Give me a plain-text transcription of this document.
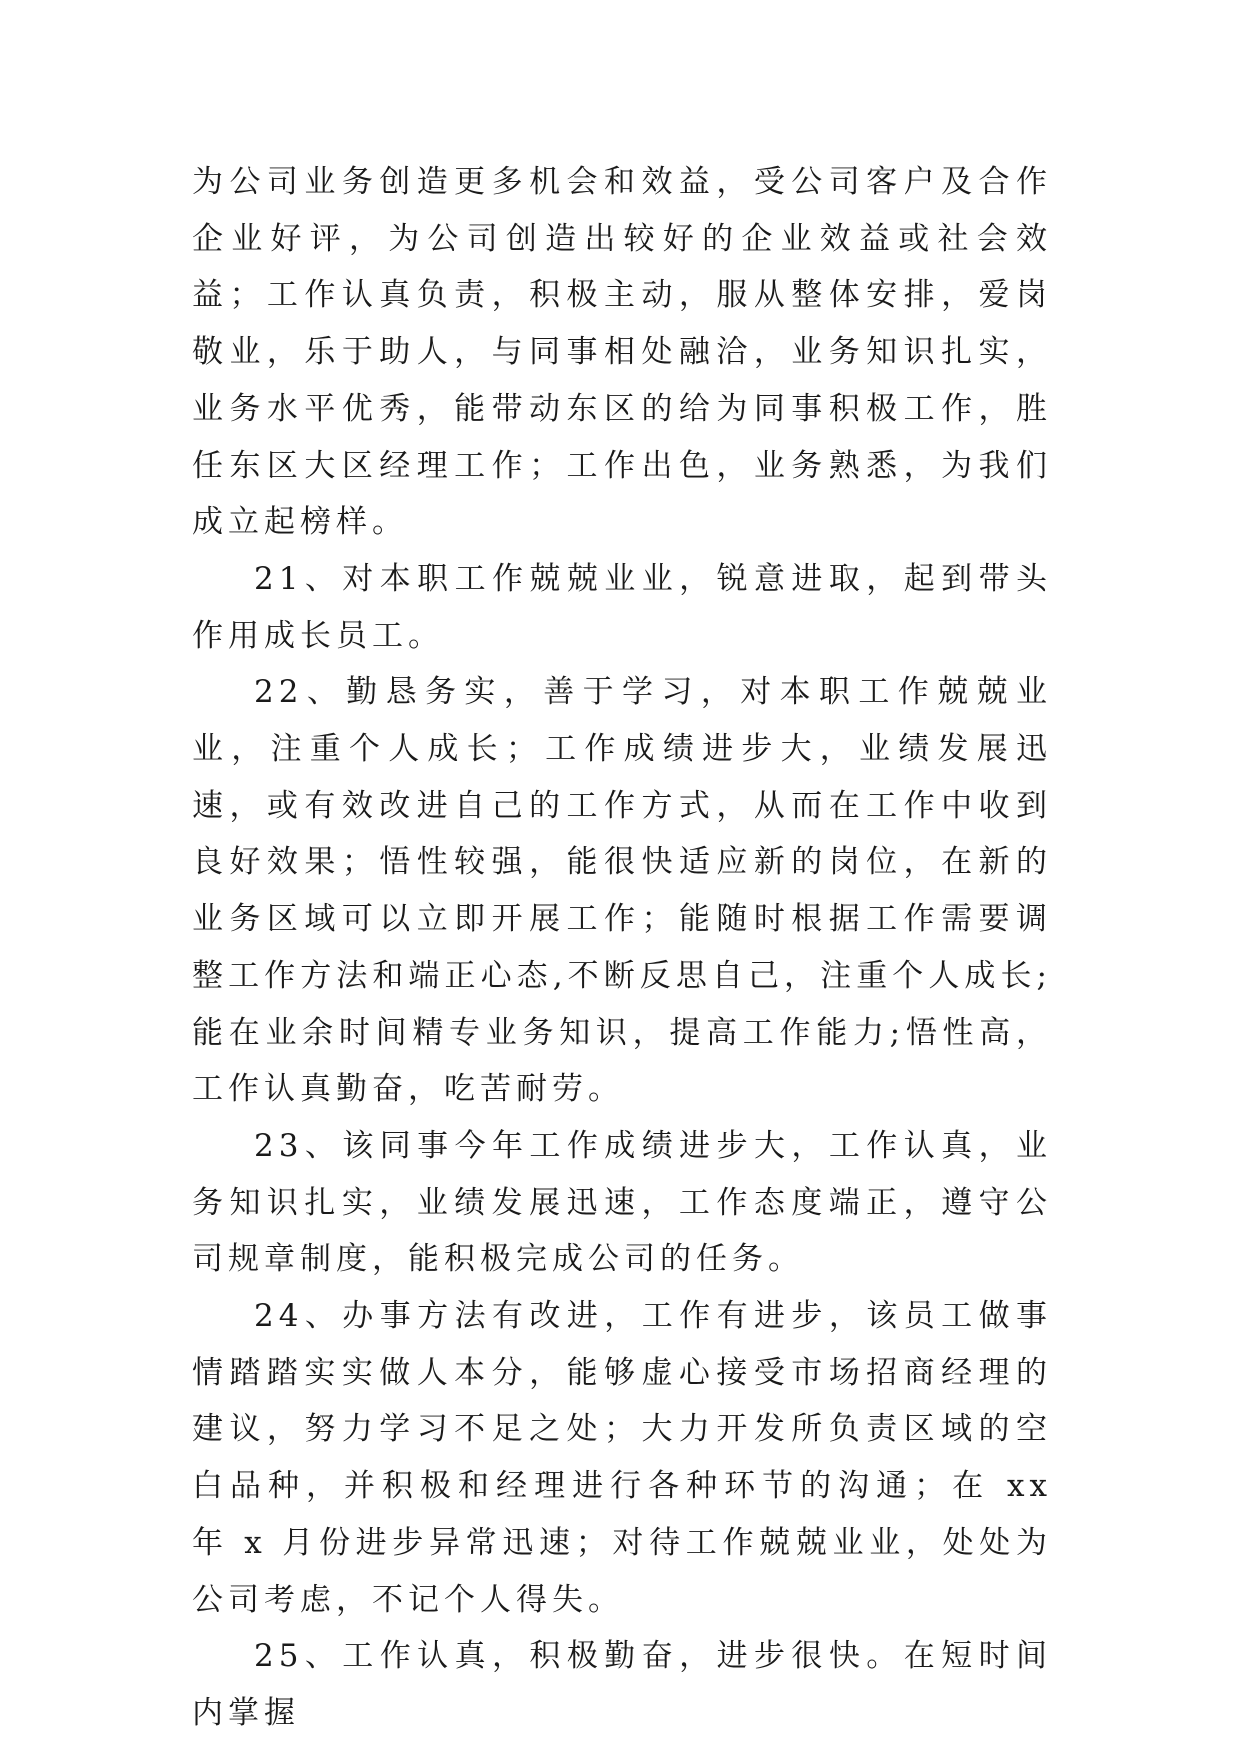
为公司业务创造更多机会和效益，受公司客户及合作企业好评，为公司创造出较好的企业效益或社会效益；工作认真负责，积极主动，服从整体安排，爱岗敬业，乐于助人，与同事相处融洽，业务知识扎实，业务水平优秀，能带动东区的给为同事积极工作，胜任东区大区经理工作；工作出色，业务熟悉，为我们成立起榜样。

21、对本职工作兢兢业业，锐意进取，起到带头作用成长员工。

22、勤恳务实，善于学习，对本职工作兢兢业业，注重个人成长；工作成绩进步大，业绩发展迅速，或有效改进自己的工作方式，从而在工作中收到良好效果；悟性较强，能很快适应新的岗位，在新的业务区域可以立即开展工作；能随时根据工作需要调整工作方法和端正心态,不断反思自己，注重个人成长;能在业余时间精专业务知识，提高工作能力;悟性高，工作认真勤奋，吃苦耐劳。

23、该同事今年工作成绩进步大，工作认真，业务知识扎实，业绩发展迅速，工作态度端正，遵守公司规章制度，能积极完成公司的任务。

24、办事方法有改进，工作有进步，该员工做事情踏踏实实做人本分，能够虚心接受市场招商经理的建议，努力学习不足之处；大力开发所负责区域的空白品种，并积极和经理进行各种环节的沟通；在 xx 年 x 月份进步异常迅速；对待工作兢兢业业，处处为公司考虑，不记个人得失。

25、工作认真，积极勤奋，进步很快。在短时间内掌握
